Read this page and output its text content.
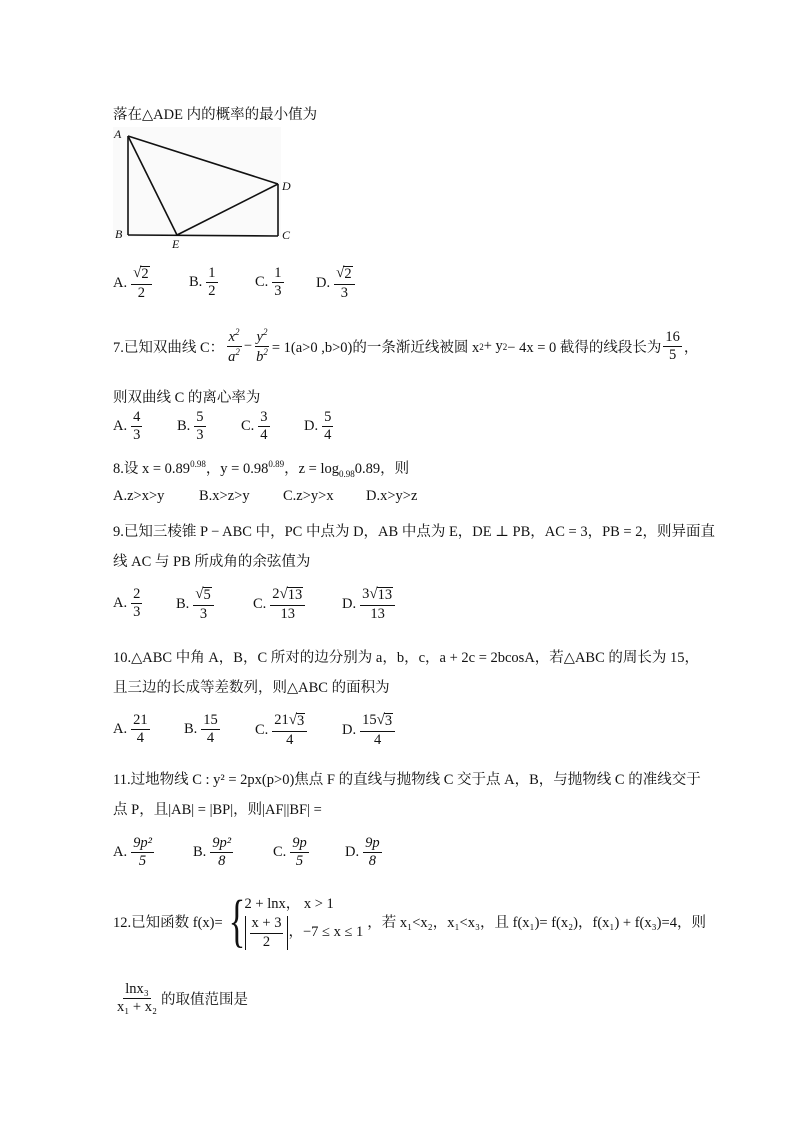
落在△ADE 内的概率的最小值为
A
B	C
D
E
A. $\frac{√ 2}{2}$	B. $\frac{1}{2}$	C. $\frac{1}{3} D$. $\frac{√ 2}{3}$
7.已知双曲线 C： $\frac{x^2}{a^2} - \frac{y^2}{b^2} = 1(a>0$ ,b>0)的一条渐近线被圆 x 2 + y 2 − 4x = 0 截得的线段长为 $\frac{16}{5}$ ，
则双曲线 C 的离心率为
A. $\frac{4}{3} B$. $\frac{5}{3} C$. $\frac{3}{4} D$. $\frac{5}{4}$
8.设 $x = 0.89^{0.98}$，$y = 0.98^{0.89}$，$z = \log_{0.98}0.89$，则
A.z>x>y B.x>z>y C.z>y>x D.x>y>z
9.已知三棱锥 P − ABC 中，PC 中点为 D，AB 中点为 E，DE ⊥ PB，AC = 3，PB = 2，则异面直
线 AC 与 PB 所成角的余弦值为
A. $\frac{2}{3} B$. $\frac{√ 5}{3}$	C. $\frac{2 √ 13}{13}$	D. $\frac{3 √ 13}{13}$
10.△ABC 中角 A，B，C 所对的边分别为 a，b，c，a + 2c = 2bcosA，若△ABC 的周长为 15，
且三边的长成等差数列，则△ABC 的面积为
A. $\frac{21}{4} B$. $\frac{15}{4} C$. $\frac{21 √ 3}{4} D$. $\frac{15 √ 3}{4}$
11.过地物线 C : y² = 2px(p>0)焦点 F 的直线与抛物线 C 交于点 A，B，与抛物线 C 的准线交于
点 P，且|AB| = |BP|，则|AF||BF| =
A. $\frac{\text{9p²}}{5}$	B. $\frac{\text{9p²}}{8}$	C. $\frac{9p}{5} D$. $\frac{9p}{8}$
12.已知函数 f(x)= { 2 + lnx， x > 1
$\frac{x + 3}{2}$ ，−7 ≤ x ≤ 1
，若 x₁<x₂，x₁<x₃，且 f(x₁)= f(x₂)，f(x₁) + f(x₃)=4，则
$\frac{\text{lnx₃}}{\text{x₁ + x₂}}$ 的取值范围是
